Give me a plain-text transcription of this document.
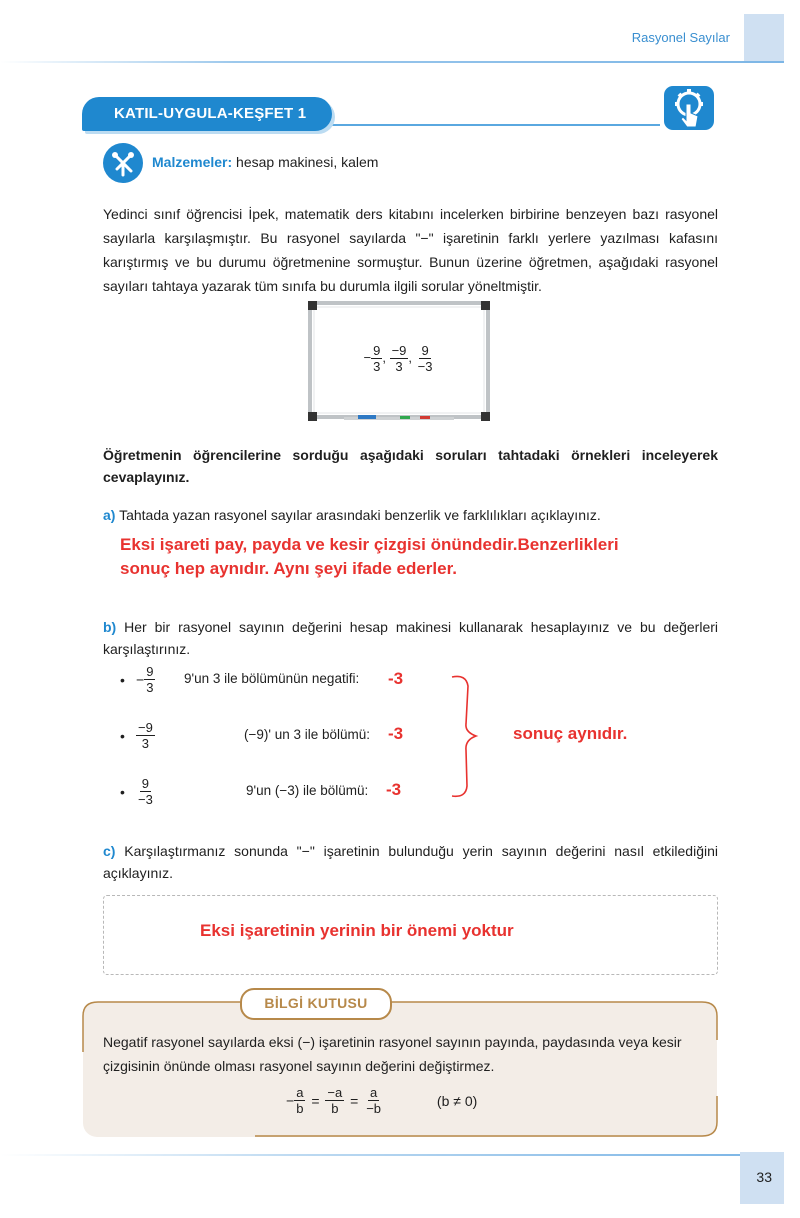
Rasyonel Sayılar
KATIL-UYGULA-KEŞFET 1
Malzemeler: hesap makinesi, kalem
Yedinci sınıf öğrencisi İpek, matematik ders kitabını incelerken birbirine benzeyen bazı rasyonel sayılarla karşılaşmıştır. Bu rasyonel sayılarda "−" işaretinin farklı yerlere yazılması kafasını karıştırmış ve bu durumu öğretmenine sormuştur. Bunun üzerine öğretmen, aşağıdaki rasyonel sayıları tahtaya yazarak tüm sınıfa bu durumla ilgili sorular yöneltmiştir.
− $\frac{9}{3}$ , $\frac{-9}{3}$ , $\frac{9}{-3}$
Öğretmenin öğrencilerine sorduğu aşağıdaki soruları tahtadaki örnekleri inceleyerek cevaplayınız.
a) Tahtada yazan rasyonel sayılar arasındaki benzerlik ve farklılıkları açıklayınız.
Eksi işareti pay, payda ve kesir çizgisi önündedir.Benzerlikleri
sonuç hep aynıdır. Aynı şeyi ifade ederler.
b) Her bir rasyonel sayının değerini hesap makinesi kullanarak hesaplayınız ve bu değerleri karşılaştırınız.
• − $\frac{9}{3} 9'un$ 3 ile bölümünün negatifi: -3
• $\frac{-9}{3}$	(−9)' un 3 ile bölümü: -3
• $\frac{9}{-3}$	9'un (−3) ile bölümü: -3
sonuç aynıdır.
c) Karşılaştırmanız sonunda "−" işaretinin bulunduğu yerin sayının değerini nasıl etkilediğini açıklayınız.
Eksi işaretinin yerinin bir önemi yoktur
BİLGİ KUTUSU
Negatif rasyonel sayılarda eksi (−) işaretinin rasyonel sayının payında, paydasında veya kesir çizgisinin önünde olması rasyonel sayının değerini değiştirmez.
− $\frac{a}{b} = \frac{-a}{b} = \frac{a}{-b}$	(b ≠ 0)
33
